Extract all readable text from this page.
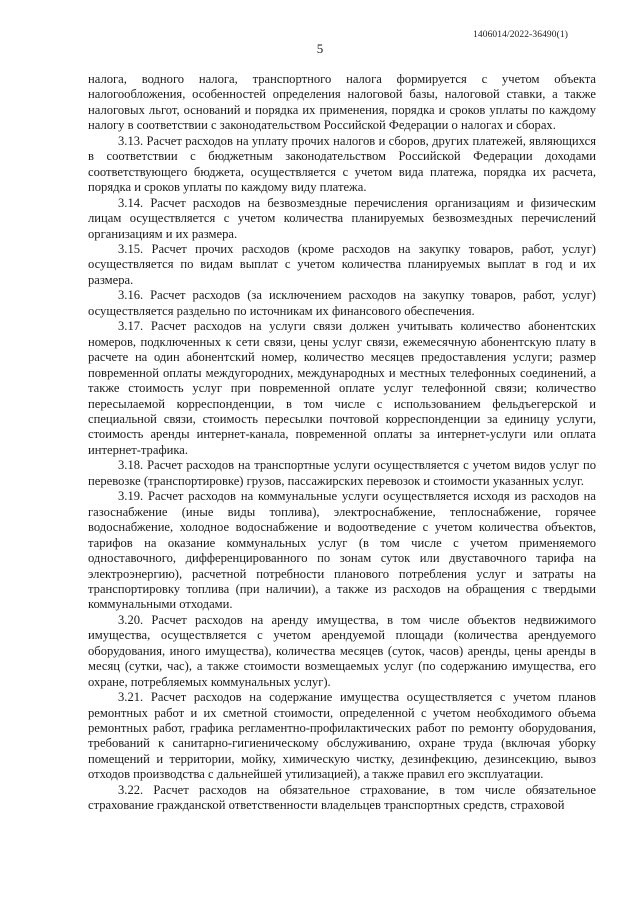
1406014/2022-36490(1)
5

налога, водного налога, транспортного налога формируется с учетом объекта налогообложения, особенностей определения налоговой базы, налоговой ставки, а также налоговых льгот, оснований и порядка их применения, порядка и сроков уплаты по каждому налогу в соответствии с законодательством Российской Федерации о налогах и сборах.

3.13. Расчет расходов на уплату прочих налогов и сборов, других платежей, являющихся в соответствии с бюджетным законодательством Российской Федерации доходами соответствующего бюджета, осуществляется с учетом вида платежа, порядка их расчета, порядка и сроков уплаты по каждому виду платежа.

3.14. Расчет расходов на безвозмездные перечисления организациям и физическим лицам осуществляется с учетом количества планируемых безвозмездных перечислений организациям и их размера.

3.15. Расчет прочих расходов (кроме расходов на закупку товаров, работ, услуг) осуществляется по видам выплат с учетом количества планируемых выплат в год и их размера.

3.16. Расчет расходов (за исключением расходов на закупку товаров, работ, услуг) осуществляется раздельно по источникам их финансового обеспечения.

3.17. Расчет расходов на услуги связи должен учитывать количество абонентских номеров, подключенных к сети связи, цены услуг связи, ежемесячную абонентскую плату в расчете на один абонентский номер, количество месяцев предоставления услуги; размер повременной оплаты междугородних, международных и местных телефонных соединений, а также стоимость услуг при повременной оплате услуг телефонной связи; количество пересылаемой корреспонденции, в том числе с использованием фельдъегерской и специальной связи, стоимость пересылки почтовой корреспонденции за единицу услуги, стоимость аренды интернет-канала, повременной оплаты за интернет-услуги или оплата интернет-трафика.

3.18. Расчет расходов на транспортные услуги осуществляется с учетом видов услуг по перевозке (транспортировке) грузов, пассажирских перевозок и стоимости указанных услуг.

3.19. Расчет расходов на коммунальные услуги осуществляется исходя из расходов на газоснабжение (иные виды топлива), электроснабжение, теплоснабжение, горячее водоснабжение, холодное водоснабжение и водоотведение с учетом количества объектов, тарифов на оказание коммунальных услуг (в том числе с учетом применяемого одноставочного, дифференцированного по зонам суток или двуставочного тарифа на электроэнергию), расчетной потребности планового потребления услуг и затраты на транспортировку топлива (при наличии), а также из расходов на обращения с твердыми коммунальными отходами.

3.20. Расчет расходов на аренду имущества, в том числе объектов недвижимого имущества, осуществляется с учетом арендуемой площади (количества арендуемого оборудования, иного имущества), количества месяцев (суток, часов) аренды, цены аренды в месяц (сутки, час), а также стоимости возмещаемых услуг (по содержанию имущества, его охране, потребляемых коммунальных услуг).

3.21. Расчет расходов на содержание имущества осуществляется с учетом планов ремонтных работ и их сметной стоимости, определенной с учетом необходимого объема ремонтных работ, графика регламентно-профилактических работ по ремонту оборудования, требований к санитарно-гигиеническому обслуживанию, охране труда (включая уборку помещений и территории, мойку, химическую чистку, дезинфекцию, дезинсекцию, вывоз отходов производства с дальнейшей утилизацией), а также правил его эксплуатации.

3.22. Расчет расходов на обязательное страхование, в том числе обязательное страхование гражданской ответственности владельцев транспортных средств, страховой
